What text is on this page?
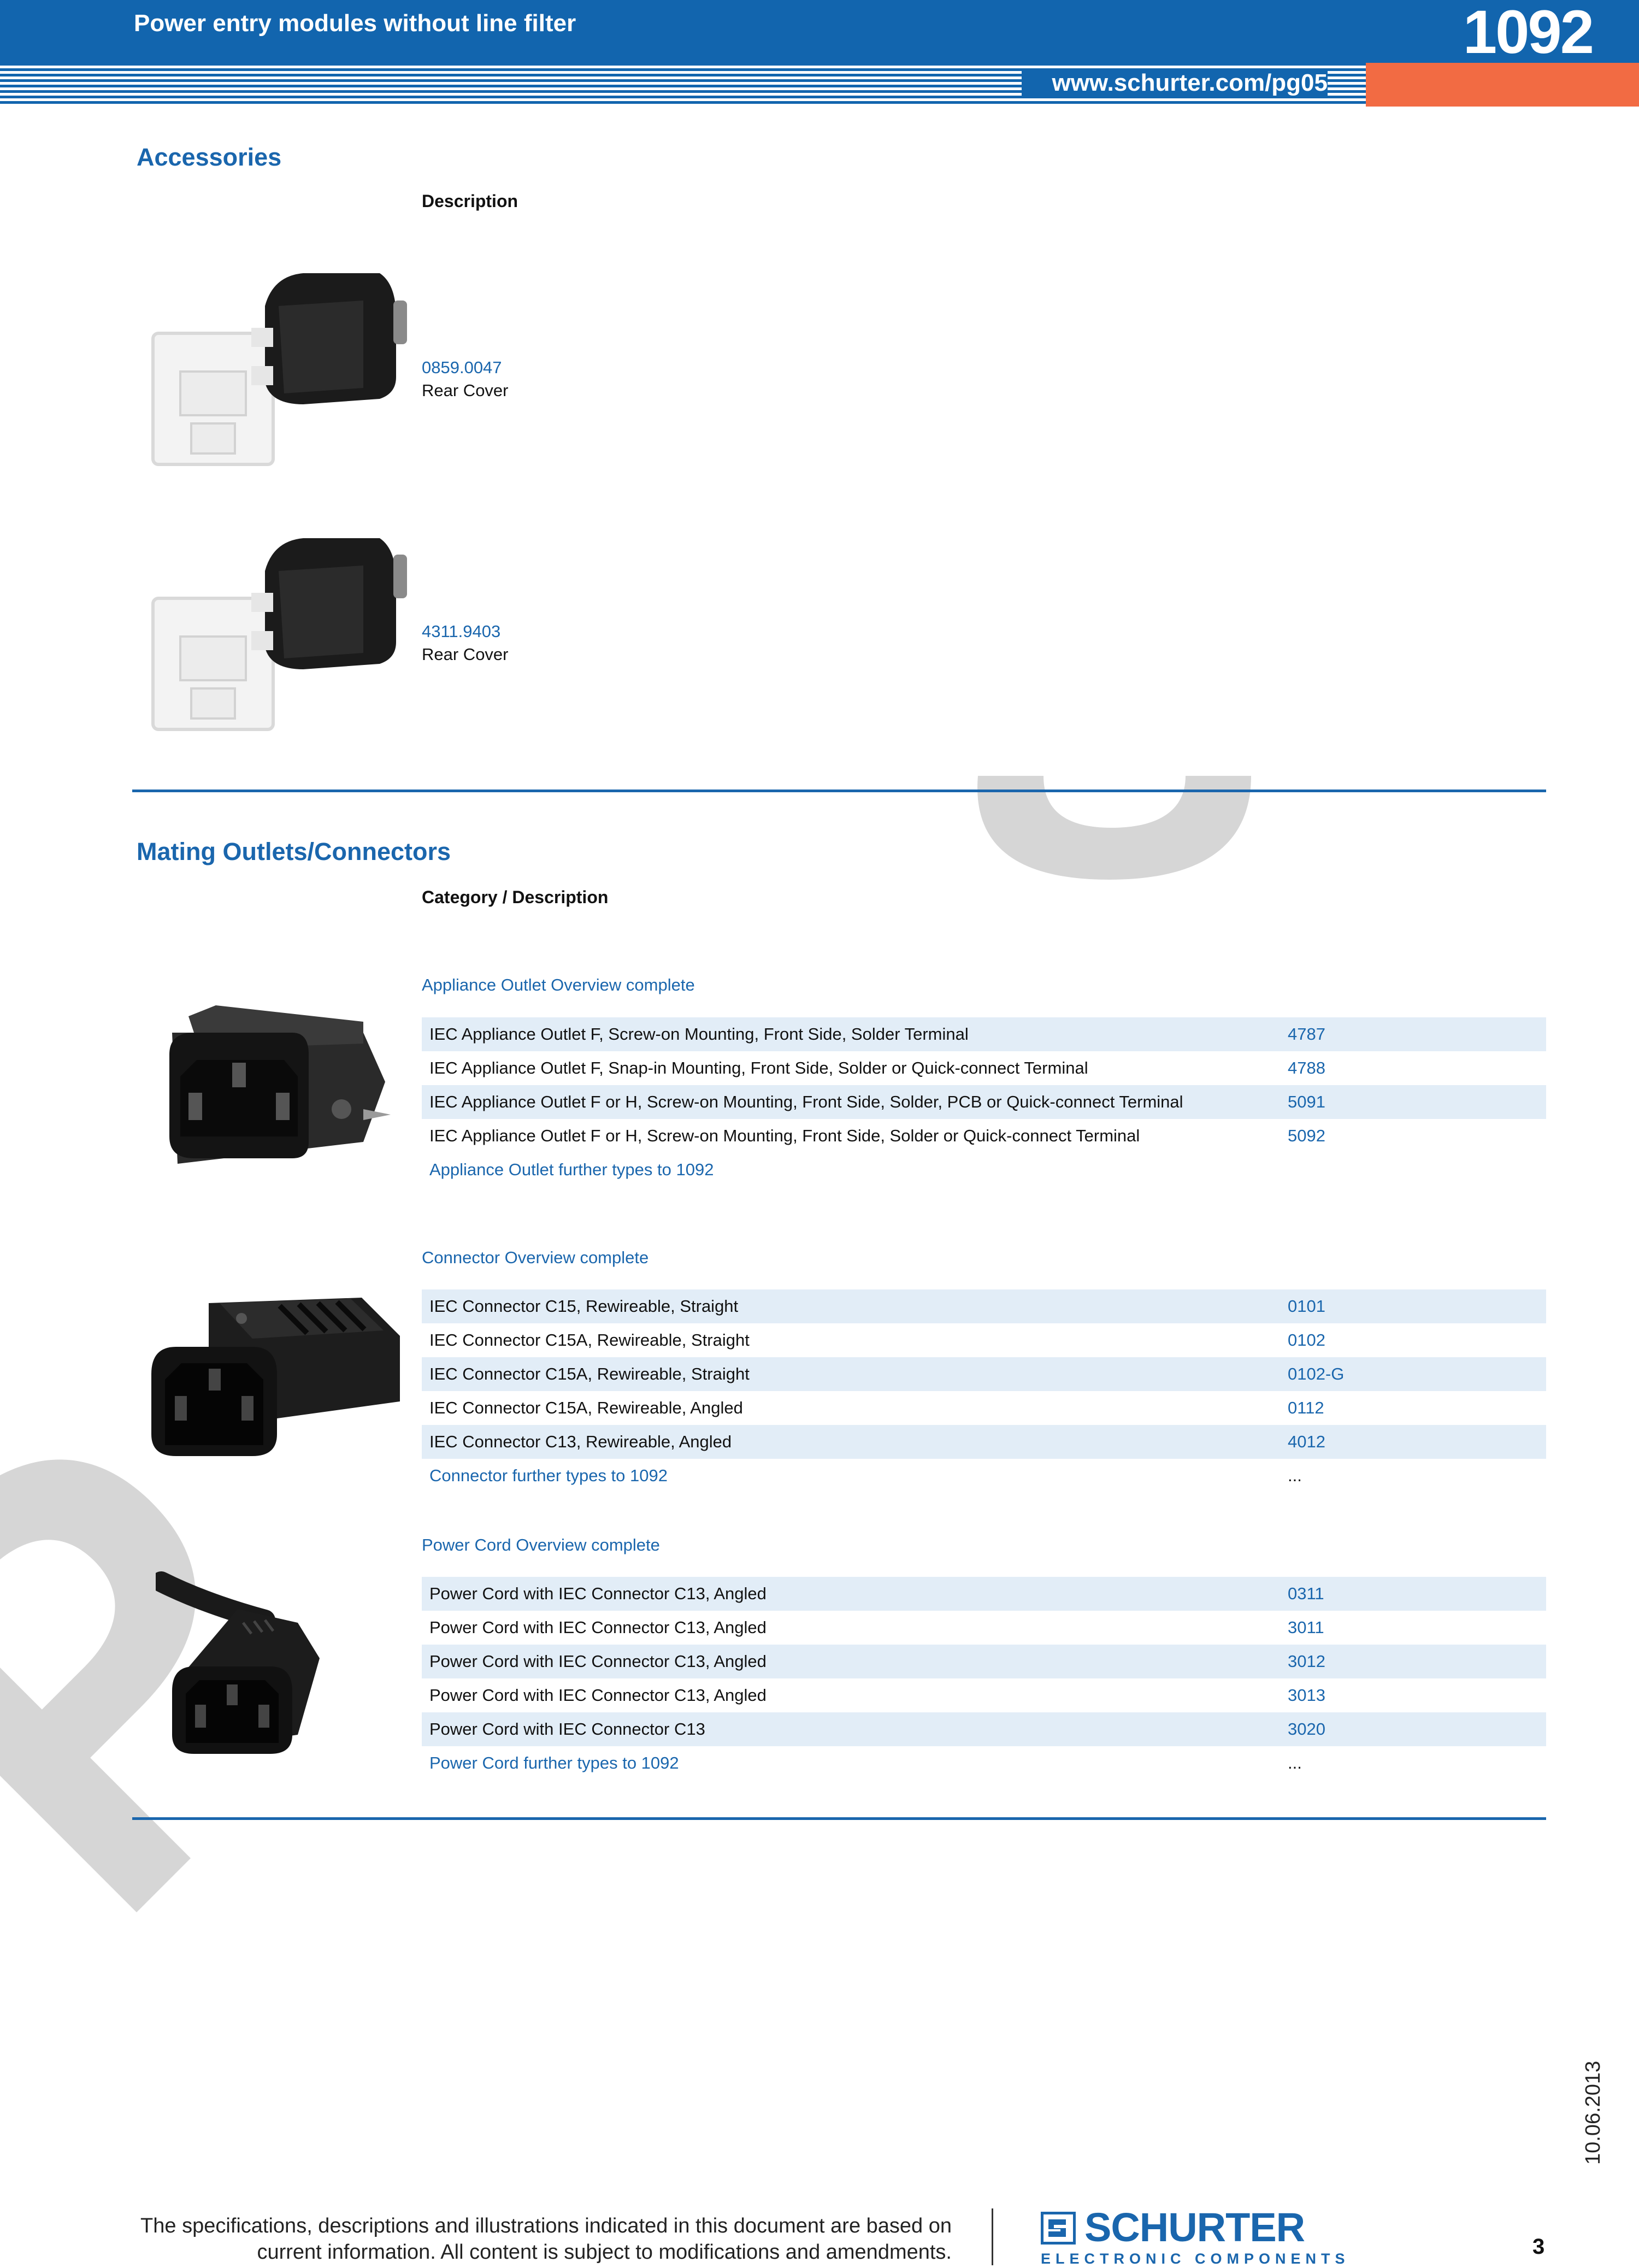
Power entry modules without line filter	1092
www.schurter.com/pg05
Accessories
Description
0859.0047
Rear Cover
4311.9403
Rear Cover
Mating Outlets/Connectors
Category / Description
Appliance Outlet Overview complete
IEC Appliance Outlet F, Screw-on Mounting, Front Side, Solder Terminal	4787
IEC Appliance Outlet F, Snap-in Mounting, Front Side, Solder or Quick-connect Terminal	4788
IEC Appliance Outlet F or H, Screw-on Mounting, Front Side, Solder, PCB or Quick-connect Terminal	5091
IEC Appliance Outlet F or H, Screw-on Mounting, Front Side, Solder or Quick-connect Terminal	5092
Appliance Outlet further types to 1092
Connector Overview complete
IEC Connector C15, Rewireable, Straight	0101
IEC Connector C15A, Rewireable, Straight	0102
IEC Connector C15A, Rewireable, Straight	0102-G
IEC Connector C15A, Rewireable, Angled	0112
IEC Connector C13, Rewireable, Angled	4012
Connector further types to 1092	...
Power Cord Overview complete
Power Cord with IEC Connector C13, Angled	0311
Power Cord with IEC Connector C13, Angled	3011
Power Cord with IEC Connector C13, Angled	3012
Power Cord with IEC Connector C13, Angled	3013
Power Cord with IEC Connector C13	3020
Power Cord further types to 1092	...
10.06.2013
The specifications, descriptions and illustrations indicated in this document are based on
current information. All content is subject to modifications and amendments.
SCHURTER
ELECTRONIC COMPONENTS	3
